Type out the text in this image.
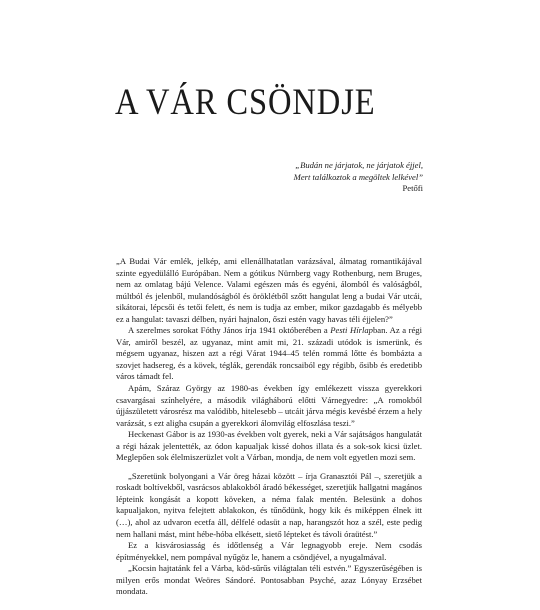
A VÁR CSÖNDJE
„Budán ne járjatok, ne járjatok éjjel,
Mert találkoztok a megöltek lelkével”
Petőfi

„A Budai Vár emlék, jelkép, ami ellenállhatatlan varázsával, álmatag romantikájával szinte egyedülálló Európában. Nem a gótikus Nürnberg vagy Rothenburg, nem Bruges, nem az omlatag bájú Velence. Valami egészen más és egyéni, álomból és valóságból, múltból és jelenből, mulandóságból és öröklétből szőtt hangulat leng a budai Vár utcái, sikátorai, lépcsői és tetői felett, és nem is tudja az ember, mikor gazdagabb és mélyebb ez a hangulat: tavaszi délben, nyári hajnalon, őszi estén vagy havas téli éjjelen?”

A szerelmes sorokat Fóthy János írja 1941 októberében a Pesti Hírlapban. Az a régi Vár, amiről beszél, az ugyanaz, mint amit mi, 21. századi utódok is ismerünk, és mégsem ugyanaz, hiszen azt a régi Várat 1944–45 telén rommá lőtte és bombázta a szovjet hadsereg, és a kövek, téglák, gerendák roncsaiból egy régibb, ősibb és eredetibb város támadt fel.

Apám, Száraz György az 1980-as években így emlékezett vissza gyerekkori csavargásai színhelyére, a második világháború előtti Várnegyedre: „A romokból újjászületett városrész ma valódibb, hitelesebb – utcáit járva mégis kevésbé érzem a hely varázsát, s ezt aligha csupán a gyerekkori álomvilág elfoszlása teszi.”

Heckenast Gábor is az 1930-as években volt gyerek, neki a Vár sajátságos hangulatát a régi házak jelentették, az ódon kapualjak kissé dohos illata és a sok-sok kicsi üzlet. Meglepően sok élelmiszerüzlet volt a Várban, mondja, de nem volt egyetlen mozi sem.

„Szeretünk bolyongani a Vár öreg házai között – írja Granasztói Pál –, szeretjük a roskadt boltívekből, vasrácsos ablakokból áradó békességet, szeretjük hallgatni magános lépteink kongását a kopott köveken, a néma falak mentén. Belesünk a dohos kapualjakon, nyitva felejtett ablakokon, és tűnődünk, hogy kik és miképpen élnek itt (…), ahol az udvaron ecetfa áll, délfelé odasüt a nap, harangszót hoz a szél, este pedig nem hallani mást, mint hébe-hóba elkésett, siető lépteket és távoli óraütést.”

Ez a kisvárosiasság és időtlenség a Vár legnagyobb ereje. Nem csodás építményekkel, nem pompával nyűgöz le, hanem a csöndjével, a nyugalmával.

„Kocsin hajtatánk fel a Várba, köd-sűrűs világtalan téli estvén.” Egyszerűségében is milyen erős mondat Weöres Sándoré. Pontosabban Psyché, azaz Lónyay Erzsébet mondata.
